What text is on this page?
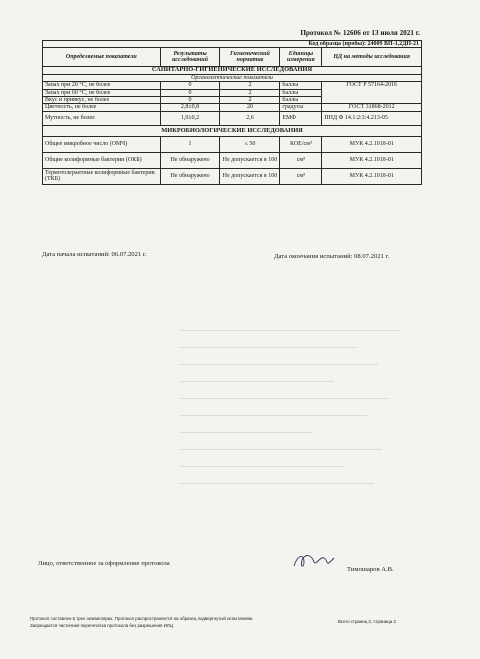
Протокол № 12606 от 13 июля 2021 г.
Код образца (пробы): 24009 ВП-1,2ДП-21				
Определяемые показатели	Результаты исследований	Гигиенический норматив	Единицы измерения	НД на методы исследования
САНИТАРНО-ГИГИЕНИЧЕСКИЕ ИССЛЕДОВАНИЯ				
Органолептические показатели				
Запах при 20 °С, не более	0	2	баллы	ГОСТ Р 57164-2016
Запах при 60 °С, не более	0	2	баллы	
Вкус и привкус, не более	0	2	баллы	
Цветность, не более	2,8±0,8	20	градусы	ГОСТ 31868-2012
Мутность, не более	1,0±0,2	2,6	ЕМФ	ПНД Ф 14.1:2:3:4.213-05
МИКРОБИОЛОГИЧЕСКИЕ ИССЛЕДОВАНИЯ				
Общее микробное число (ОМЧ)	1	≤ 50	КОЕ/см³	МУК 4.2.1018-01
Общие колиформные бактерии (ОКБ)	Не обнаружено	Не допускается в 100	см³	МУК 4.2.1018-01
Термотолерантные колиформные бактерии (ТКБ)	Не обнаружено	Не допускается в 100	см³	МУК 4.2.1018-01
Дата начала испытаний: 06.07.2021 г.	Дата окончания испытаний: 08.07.2021 г.
Лицо, ответственное за оформление протокола
Тимошаров А.В.
Протокол составлен в трех экземплярах. Протокол распространяется на образец подвергнутый испытаниям.
Запрещается частичная перепечатка протокола без разрешения ИЛЦ
Всего страниц 2; страница 2
